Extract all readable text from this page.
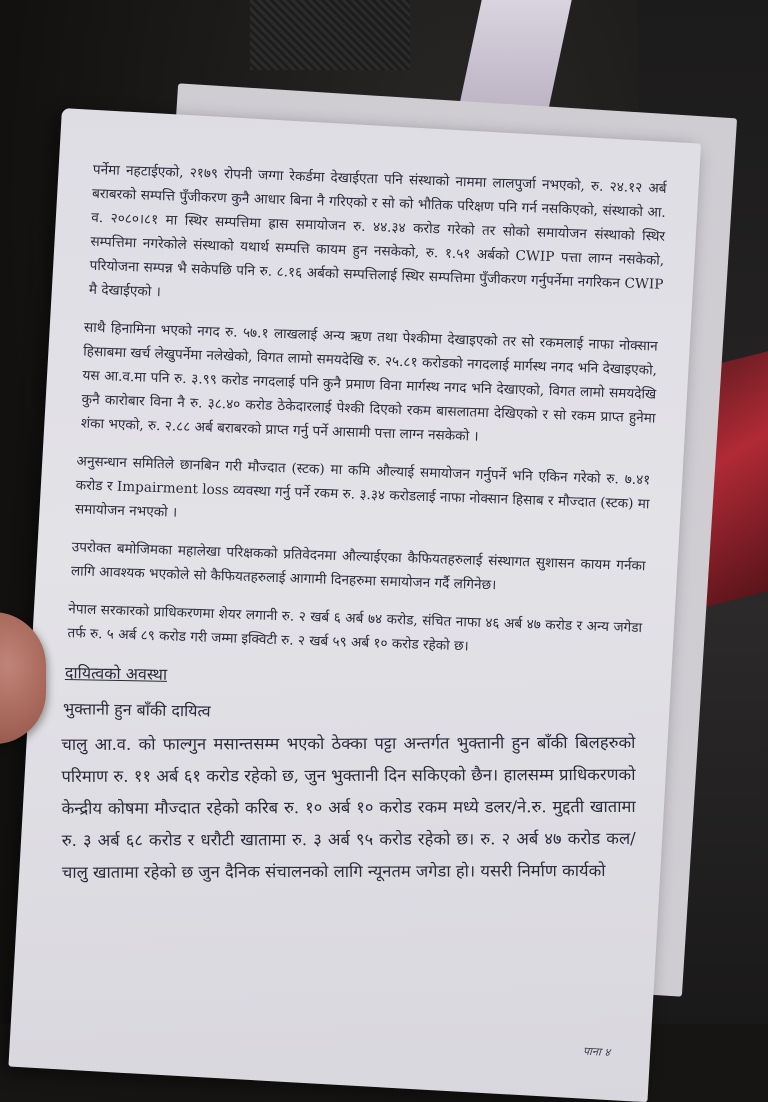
पर्नेमा नहटाईएको, २१७९ रोपनी जग्गा रेकर्डमा देखाईएता पनि संस्थाको नाममा लालपुर्जा नभएको, रु. २४.१२ अर्ब बराबरको सम्पत्ति पुँजीकरण कुनै आधार बिना नै गरिएको र सो को भौतिक परिक्षण पनि गर्न नसकिएको, संस्थाको आ. व. २०८०।८१ मा स्थिर सम्पत्तिमा ह्रास समायोजन रु. ४४.३४ करोड गरेको तर सोको समायोजन संस्थाको स्थिर सम्पत्तिमा नगरेकोले संस्थाको यथार्थ सम्पत्ति कायम हुन नसकेको, रु. १.५१ अर्बको CWIP पत्ता लाग्न नसकेको, परियोजना सम्पन्न भै सकेपछि पनि रु. ८.१६ अर्बको सम्पत्तिलाई स्थिर सम्पत्तिमा पुँजीकरण गर्नुपर्नेमा नगरिकन CWIP मै देखाईएको ।

साथै हिनामिना भएको नगद रु. ५७.१ लाखलाई अन्य ऋण तथा पेश्कीमा देखाइएको तर सो रकमलाई नाफा नोक्सान हिसाबमा खर्च लेखुपर्नेमा नलेखेको, विगत लामो समयदेखि रु. २५.८१ करोडको नगदलाई मार्गस्थ नगद भनि देखाइएको, यस आ.व.मा पनि रु. ३.९९ करोड नगदलाई पनि कुनै प्रमाण विना मार्गस्थ नगद भनि देखाएको, विगत लामो समयदेखि कुनै कारोबार विना नै रु. ३८.४० करोड ठेकेदारलाई पेश्की दिएको रकम बासलातमा देखिएको र सो रकम प्राप्त हुनेमा शंका भएको, रु. २.८८ अर्ब बराबरको प्राप्त गर्नु पर्ने आसामी पत्ता लाग्न नसकेको ।

अनुसन्धान समितिले छानबिन गरी मौज्दात (स्टक) मा कमि औल्याई समायोजन गर्नुपर्ने भनि एकिन गरेको रु. ७.४१ करोड र Impairment loss व्यवस्था गर्नु पर्ने रकम रु. ३.३४ करोडलाई नाफा नोक्सान हिसाब र मौज्दात (स्टक) मा समायोजन नभएको ।

उपरोक्त बमोजिमका महालेखा परिक्षकको प्रतिवेदनमा औल्याईएका कैफियतहरुलाई संस्थागत सुशासन कायम गर्नका लागि आवश्यक भएकोले सो कैफियतहरुलाई आगामी दिनहरुमा समायोजन गर्दै लगिनेछ।

नेपाल सरकारको प्राधिकरणमा शेयर लगानी रु. २ खर्ब ६ अर्ब ७४ करोड, संचित नाफा ४६ अर्ब ४७ करोड र अन्य जगेडा तर्फ रु. ५ अर्ब ८९ करोड गरी जम्मा इक्विटी रु. २ खर्ब ५९ अर्ब १० करोड रहेको छ।

दायित्वको अवस्था
भुक्तानी हुन बाँकी दायित्व

चालु आ.व. को फाल्गुन मसान्तसम्म भएको ठेक्का पट्टा अन्तर्गत भुक्तानी हुन बाँकी बिलहरुको परिमाण रु. ११ अर्ब ६१ करोड रहेको छ, जुन भुक्तानी दिन सकिएको छैन। हालसम्म प्राधिकरणको केन्द्रीय कोषमा मौज्दात रहेको करिब रु. १० अर्ब १० करोड रकम मध्ये डलर/ने.रु. मुद्दती खातामा रु. ३ अर्ब ६८ करोड र धरौटी खातामा रु. ३ अर्ब ९५ करोड रहेको छ। रु. २ अर्ब ४७ करोड कल/चालु खातामा रहेको छ जुन दैनिक संचालनको लागि न्यूनतम जगेडा हो। यसरी निर्माण कार्यको

पाना ४
